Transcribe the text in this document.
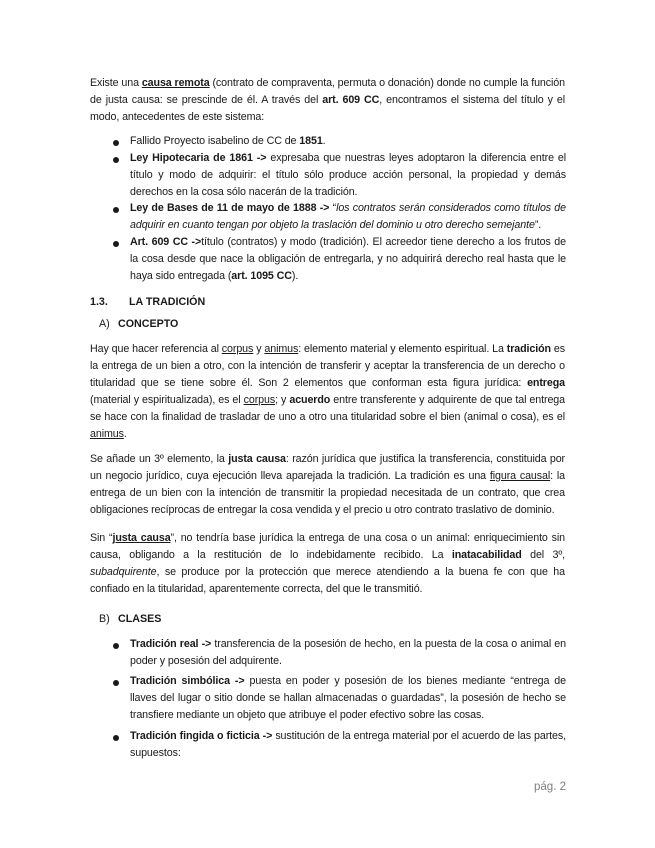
Existe una causa remota (contrato de compraventa, permuta o donación) donde no cumple la función de justa causa: se prescinde de él. A través del art. 609 CC, encontramos el sistema del título y el modo, antecedentes de este sistema:

Fallido Proyecto isabelino de CC de 1851.

Ley Hipotecaria de 1861 -> expresaba que nuestras leyes adoptaron la diferencia entre el título y modo de adquirir: el título sólo produce acción personal, la propiedad y demás derechos en la cosa sólo nacerán de la tradición.

Ley de Bases de 11 de mayo de 1888 -> “los contratos serán considerados como títulos de adquirir en cuanto tengan por objeto la traslación del dominio u otro derecho semejante”.

Art. 609 CC ->título (contratos) y modo (tradición). El acreedor tiene derecho a los frutos de la cosa desde que nace la obligación de entregarla, y no adquirirá derecho real hasta que le haya sido entregada (art. 1095 CC).

1.3. LA TRADICIÓN
A) CONCEPTO

Hay que hacer referencia al corpus y animus: elemento material y elemento espiritual. La tradición es la entrega de un bien a otro, con la intención de transferir y aceptar la transferencia de un derecho o titularidad que se tiene sobre él. Son 2 elementos que conforman esta figura jurídica: entrega (material y espiritualizada), es el corpus; y acuerdo entre transferente y adquirente de que tal entrega se hace con la finalidad de trasladar de uno a otro una titularidad sobre el bien (animal o cosa), es el animus.

Se añade un 3º elemento, la justa causa: razón jurídica que justifica la transferencia, constituida por un negocio jurídico, cuya ejecución lleva aparejada la tradición. La tradición es una figura causal: la entrega de un bien con la intención de transmitir la propiedad necesitada de un contrato, que crea obligaciones recíprocas de entregar la cosa vendida y el precio u otro contrato traslativo de dominio.

Sin “justa causa”, no tendría base jurídica la entrega de una cosa o un animal: enriquecimiento sin causa, obligando a la restitución de lo indebidamente recibido. La inatacabilidad del 3º, subadquirente, se produce por la protección que merece atendiendo a la buena fe con que ha confiado en la titularidad, aparentemente correcta, del que le transmitió.

B) CLASES

Tradición real -> transferencia de la posesión de hecho, en la puesta de la cosa o animal en poder y posesión del adquirente.

Tradición simbólica -> puesta en poder y posesión de los bienes mediante “entrega de llaves del lugar o sitio donde se hallan almacenadas o guardadas”, la posesión de hecho se transfiere mediante un objeto que atribuye el poder efectivo sobre las cosas.

Tradición fingida o ficticia -> sustitución de la entrega material por el acuerdo de las partes, supuestos:

pág. 2
